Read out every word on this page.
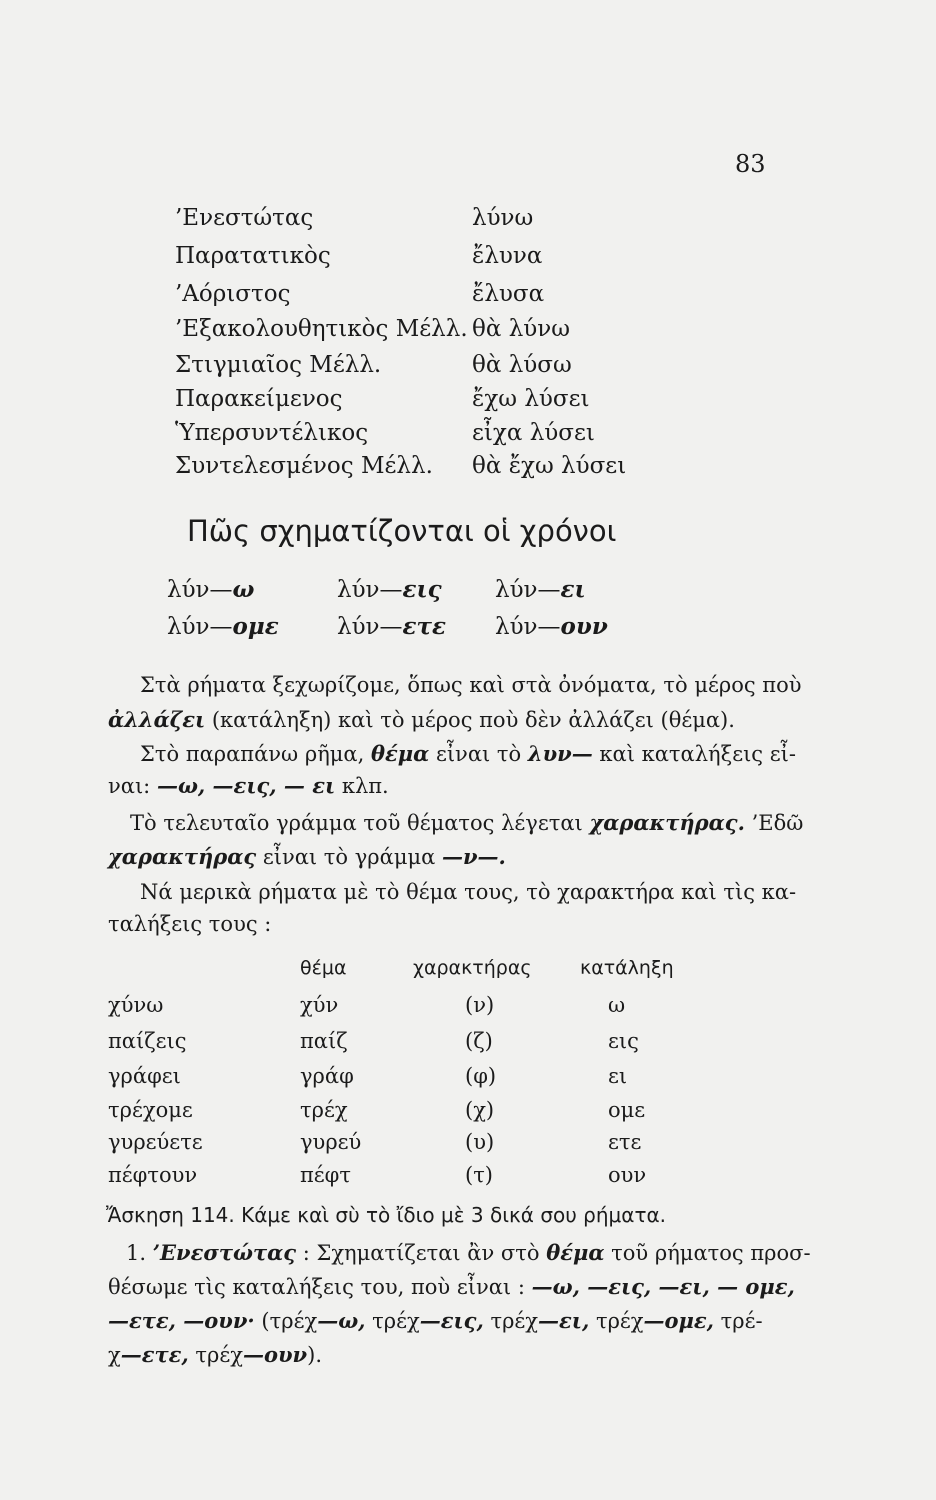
83
’Ενεστώτας	λύνω
Παρατατικὸς	ἔλυνα
’Αόριστος	ἔλυσα
’Εξακολουθητικὸς Μέλλ. θὰ λύνω
Στιγμιαῖος Μέλλ.	θὰ λύσω
Παρακείμενος	ἔχω λύσει
Ὑπερσυντέλικος	εἶχα λύσει
Συντελεσμένος Μέλλ. θὰ ἔχω λύσει
Πῶς σχηματίζονται οἱ χρόνοι
λύν—ω	λύν—εις λύν—ει
λύν—ομε	λύν—ετε λύν—ουν
Στὰ ρήματα ξεχωρίζομε, ὅπως καὶ στὰ ὀνόματα, τὸ μέρος ποὺ
ἀλλάζει (κατάληξη) καὶ τὸ μέρος ποὺ δὲν ἀλλάζει (θέμα).
Στὸ παραπάνω ρῆμα, θέμα εἶναι τὸ λυν— καὶ καταλήξεις εἶ-
ναι: —ω, —εις, — ει κλπ.
Τὸ τελευταῖο γράμμα τοῦ θέματος λέγεται χαρακτήρας. ’Εδῶ
χαρακτήρας εἶναι τὸ γράμμα —ν—.
Νά μερικὰ ρήματα μὲ τὸ θέμα τους, τὸ χαρακτήρα καὶ τὶς κα-
ταλήξεις τους :
θέμα	χαρακτήρας	κατάληξη
χύνω	χύν	(ν)	ω
παίζεις	παίζ	(ζ)	εις
γράφει	γράφ	(φ)	ει
τρέχομε	τρέχ	(χ)	ομε
γυρεύετε	γυρεύ	(υ)	ετε
πέφτουν	πέφτ	(τ)	ουν
Ἄσκηση 114. Κάμε καὶ σὺ τὸ ἴδιο μὲ 3 δικά σου ρήματα.
1. ’Ενεστώτας : Σχηματίζεται ἂν στὸ θέμα τοῦ ρήματος προσ-
θέσωμε τὶς καταλήξεις του, ποὺ εἶναι : —ω, —εις, —ει, — ομε,
—ετε, —ουν· (τρέχ—ω, τρέχ—εις, τρέχ—ει, τρέχ—ομε, τρέ-
χ—ετε, τρέχ—ουν).
